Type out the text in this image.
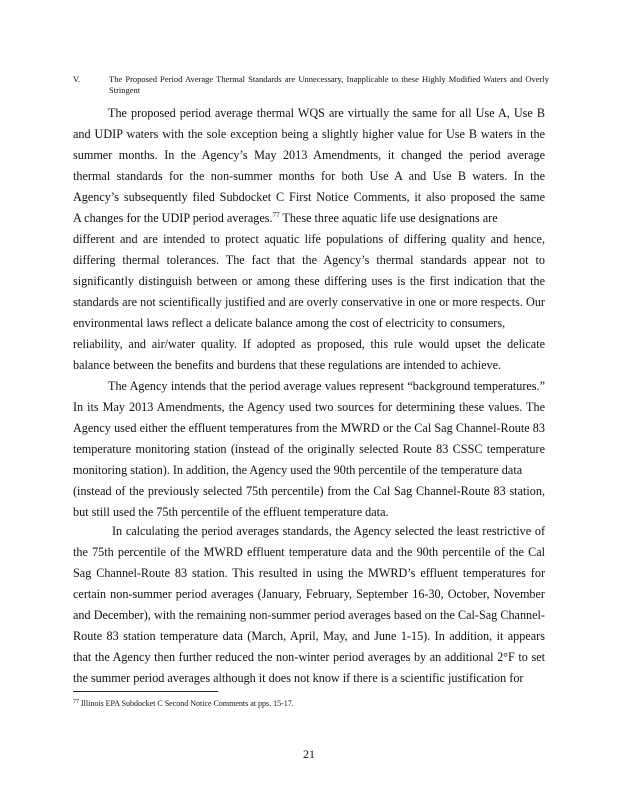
V.	The Proposed Period Average Thermal Standards are Unnecessary, Inapplicable to these Highly Modified Waters and Overly Stringent
The proposed period average thermal WQS are virtually the same for all Use A, Use B
and UDIP waters with the sole exception being a slightly higher value for Use B waters in the
summer months. In the Agency’s May 2013 Amendments, it changed the period average
thermal standards for the non-summer months for both Use A and Use B waters. In the
Agency’s subsequently filed Subdocket C First Notice Comments, it also proposed the same
A changes for the UDIP period averages.$^{77}$ These three aquatic life use designations are
different and are intended to protect aquatic life populations of differing quality and hence,
differing thermal tolerances. The fact that the Agency’s thermal standards appear not to
significantly distinguish between or among these differing uses is the first indication that the
standards are not scientifically justified and are overly conservative in one or more respects. Our
environmental laws reflect a delicate balance among the cost of electricity to consumers,
reliability, and air/water quality. If adopted as proposed, this rule would upset the delicate
balance between the benefits and burdens that these regulations are intended to achieve.
The Agency intends that the period average values represent “background temperatures.”
In its May 2013 Amendments, the Agency used two sources for determining these values. The
Agency used either the effluent temperatures from the MWRD or the Cal Sag Channel-Route 83
temperature monitoring station (instead of the originally selected Route 83 CSSC temperature
monitoring station). In addition, the Agency used the 90th percentile of the temperature data
(instead of the previously selected 75th percentile) from the Cal Sag Channel-Route 83 station,
but still used the 75th percentile of the effluent temperature data.
In calculating the period averages standards, the Agency selected the least restrictive of
the 75th percentile of the MWRD effluent temperature data and the 90th percentile of the Cal
Sag Channel-Route 83 station. This resulted in using the MWRD’s effluent temperatures for
certain non-summer period averages (January, February, September 16-30, October, November
and December), with the remaining non-summer period averages based on the Cal-Sag Channel-
Route 83 station temperature data (March, April, May, and June 1-15). In addition, it appears
that the Agency then further reduced the non-winter period averages by an additional 2°F to set
the summer period averages although it does not know if there is a scientific justification for
$^{77}$ Illinois EPA Subdocket C Second Notice Comments at pps. 15-17.
21
